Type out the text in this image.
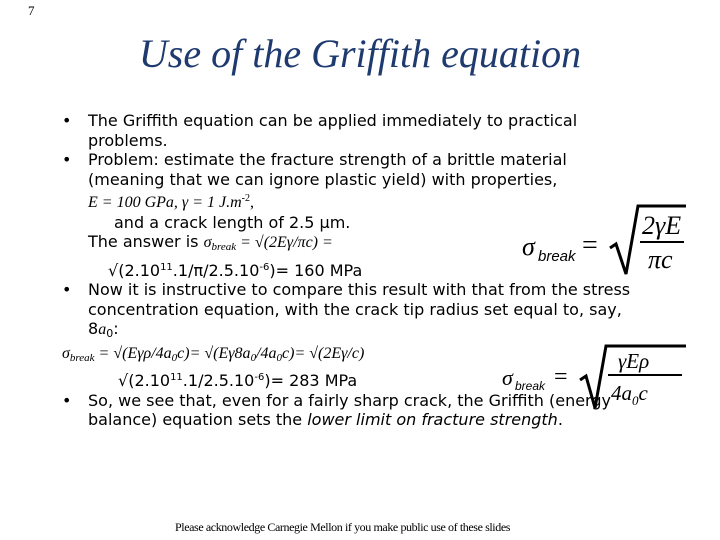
7
Use of the Griffith equation
• The Griffith equation can be applied immediately to practical
problems.
• Problem: estimate the fracture strength of a brittle material
(meaning that we can ignore plastic yield) with properties,
E = 100 GPa, γ = 1 $J.m^{-2}$,
and a crack length of 2.5 µm.
The answer is $\sigma_{break} = √(2E\gamma/\pi c)$ =
$√(2.10^{11}.1/\pi/2.5.10^{-6})= 160$ MPa
• Now it is instructive to compare this result with that from the stress
concentration equation, with the crack tip radius set equal to, say,
$8a_0$:
$\sigma_{break} = √(E\gamma\rho/4a_0c)= √(E\gamma 8a_0/4a_0c)= √(2E\gamma/c)$
$√(2.10^{11}.1/2.5.10^{-6})= 283$ MPa
• So, we see that, even for a fairly sharp crack, the Griffith (energy
balance) equation sets the lower limit on fracture strength.
σ break =
2γE
πc
σ break =
γEρ
$4a_0c$
Please acknowledge Carnegie Mellon if you make public use of these slides
